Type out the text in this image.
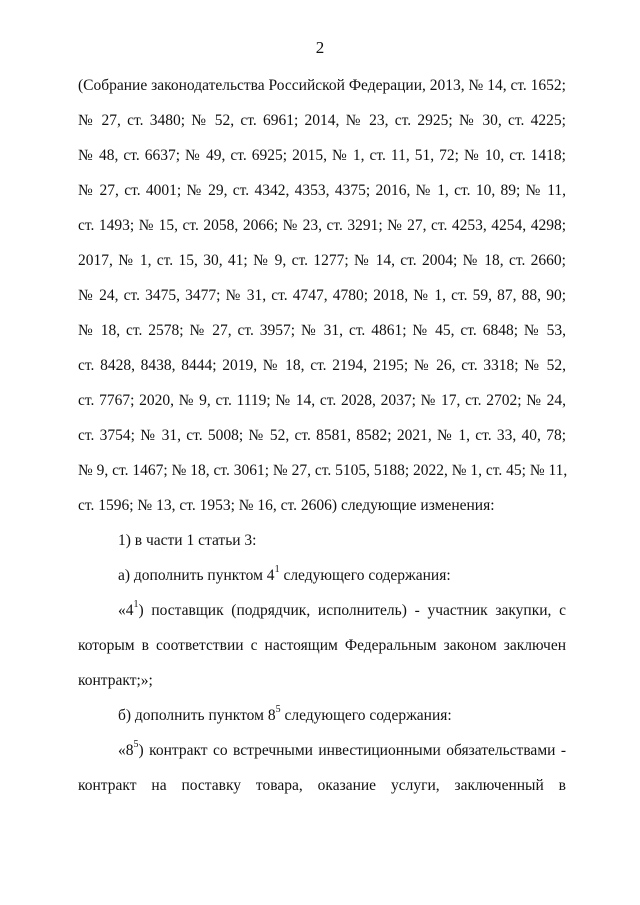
2
(Собрание законодательства Российской Федерации, 2013, № 14, ст. 1652;
№ 27, ст. 3480; № 52, ст. 6961; 2014, № 23, ст. 2925; № 30, ст. 4225;
№ 48, ст. 6637; № 49, ст. 6925; 2015, № 1, ст. 11, 51, 72; № 10, ст. 1418;
№ 27, ст. 4001; № 29, ст. 4342, 4353, 4375; 2016, № 1, ст. 10, 89; № 11,
ст. 1493; № 15, ст. 2058, 2066; № 23, ст. 3291; № 27, ст. 4253, 4254, 4298;
2017, № 1, ст. 15, 30, 41; № 9, ст. 1277; № 14, ст. 2004; № 18, ст. 2660;
№ 24, ст. 3475, 3477; № 31, ст. 4747, 4780; 2018, № 1, ст. 59, 87, 88, 90;
№ 18, ст. 2578; № 27, ст. 3957; № 31, ст. 4861; № 45, ст. 6848; № 53,
ст. 8428, 8438, 8444; 2019, № 18, ст. 2194, 2195; № 26, ст. 3318; № 52,
ст. 7767; 2020, № 9, ст. 1119; № 14, ст. 2028, 2037; № 17, ст. 2702; № 24,
ст. 3754; № 31, ст. 5008; № 52, ст. 8581, 8582; 2021, № 1, ст. 33, 40, 78;
№ 9, ст. 1467; № 18, ст. 3061; № 27, ст. 5105, 5188; 2022, № 1, ст. 45; № 11,
ст. 1596; № 13, ст. 1953; № 16, ст. 2606) следующие изменения:
1) в части 1 статьи 3:
а) дополнить пунктом $4^1$ следующего содержания:
«$4^1$) поставщик (подрядчик, исполнитель) - участник закупки, с
которым в соответствии с настоящим Федеральным законом заключен
контракт;»;
б) дополнить пунктом $8^5$ следующего содержания:
«$8^5$) контракт со встречными инвестиционными обязательствами -
контракт на поставку товара, оказание услуги, заключенный в
